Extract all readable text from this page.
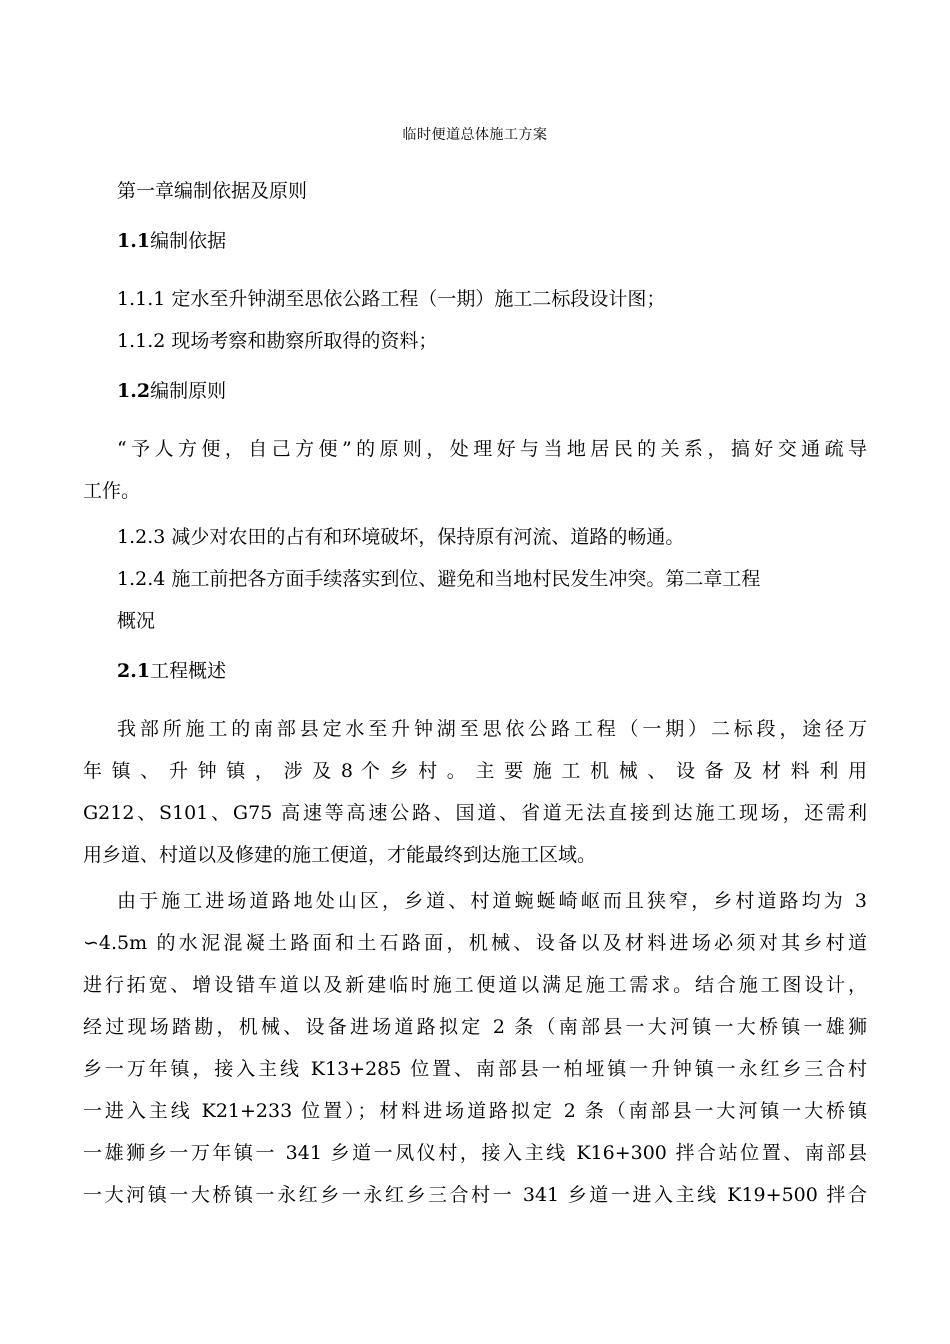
临时便道总体施工方案
第一章编制依据及原则
1.1编制依据
1.1.1 定水至升钟湖至思依公路工程（一期）施工二标段设计图；
1.1.2 现场考察和勘察所取得的资料；
1.2编制原则
“予人方便，自己方便”的原则，处理好与当地居民的关系，搞好交通疏导
工作。
1.2.3 减少对农田的占有和环境破坏，保持原有河流、道路的畅通。
1.2.4 施工前把各方面手续落实到位、避免和当地村民发生冲突。第二章工程
概况
2.1工程概述
我部所施工的南部县定水至升钟湖至思依公路工程（一期）二标段，途径万
年 镇 、 升 钟 镇 ， 涉 及 8 个 乡 村 。 主 要 施 工 机 械 、 设 备 及 材 料 利 用
G212、S101、G75 高速等高速公路、国道、省道无法直接到达施工现场，还需利
用乡道、村道以及修建的施工便道，才能最终到达施工区域。
由于施工进场道路地处山区，乡道、村道蜿蜒崎岖而且狭窄，乡村道路均为 3
∽4.5m 的水泥混凝土路面和土石路面，机械、设备以及材料进场必须对其乡村道
进行拓宽、增设错车道以及新建临时施工便道以满足施工需求。结合施工图设计，
经过现场踏勘，机械、设备进场道路拟定 2 条（南部县一大河镇一大桥镇一雄狮
乡一万年镇，接入主线 K13+285 位置、南部县一柏垭镇一升钟镇一永红乡三合村
一进入主线 K21+233 位置）；材料进场道路拟定 2 条（南部县一大河镇一大桥镇
一雄狮乡一万年镇一 341 乡道一凤仪村，接入主线 K16+300 拌合站位置、南部县
一大河镇一大桥镇一永红乡一永红乡三合村一 341 乡道一进入主线 K19+500 拌合
